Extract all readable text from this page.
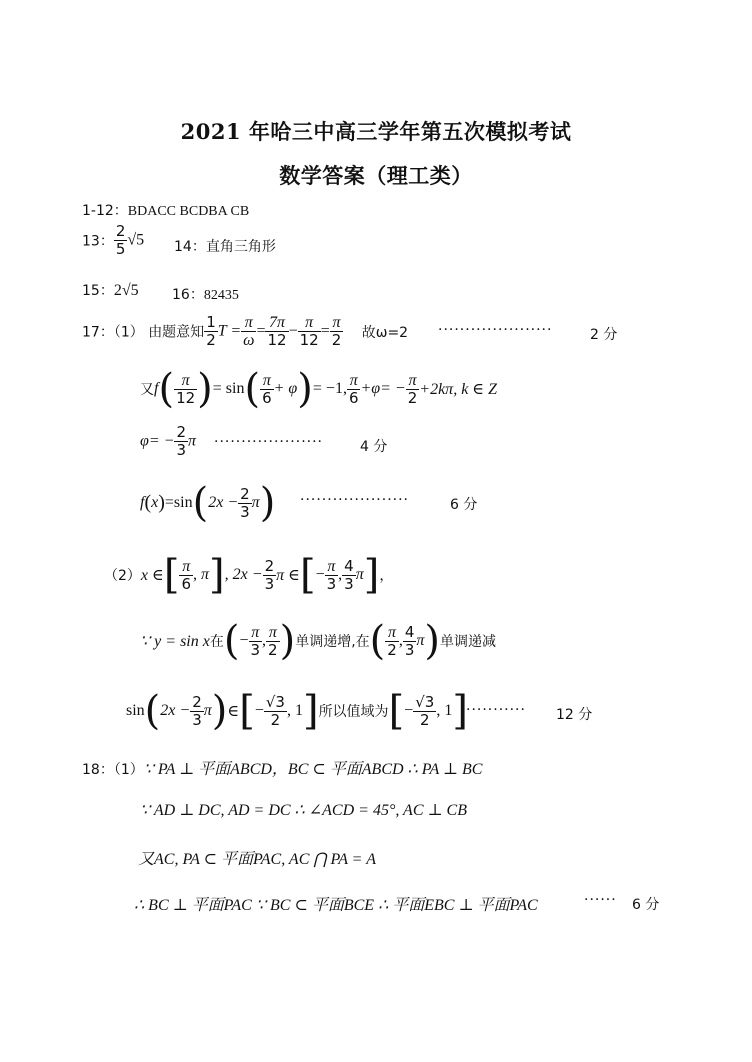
2021 年哈三中高三学年第五次模拟考试
数学答案（理工类）
1-12：BDACC BCDBA CB
13： $\frac{2}{5} √5$ 14：直角三角形
15：2√5 16：82435
17：（1） 由题意知 $\frac{1}{2}$ $T = \frac{\pi}{\omega} = \frac{7\pi}{12} - \frac{\pi}{12} = \frac{\pi}{2}$ 故ω=2 ·····················	2 分
又$f( \frac{\pi}{12}$ )= $\sin( \frac{\pi}{6} + \varphi)= -1$, $\frac{\pi}{6} +\varphi= - \frac{\pi}{2} +2k\pi$, k ∈ Z
$\varphi= - \frac{2}{3}$ π ····················	4 分
$f(x)=\sin(2x - \frac{2}{3} \pi)$ ····················	6 分
（2）x ∈[ $\frac{\pi}{6}$ , π], $2x - \frac{2}{3}$ π ∈[− $\frac{\pi}{3}$ , $\frac{4}{3} \pi$]，
∵ y = sin x在(− $\frac{\pi}{3}$ , $\frac{\pi}{2}$ )单调递增,在( $\frac{\pi}{2}$ , $\frac{4}{3} \pi$)单调递减
$\sin(2x - \frac{2}{3}$ π)∈[− $\frac{√3}{2}$ , 1]所以值域为[− $\frac{√3}{2}$ , 1]
··········· 12 分
18：（1）∵ PA ⊥ 平面ABCD，BC ⊂ 平面ABCD ∴ PA ⊥ BC
∵ AD ⊥ DC, AD = DC ∴ ∠ACD = 45°, AC ⊥ CB
又AC, PA ⊂ 平面PAC, AC ⋂ PA = A
∴ BC ⊥ 平面PAC ∵ BC ⊂ 平面BCE ∴ 平面EBC ⊥ 平面PAC	······ 6 分
